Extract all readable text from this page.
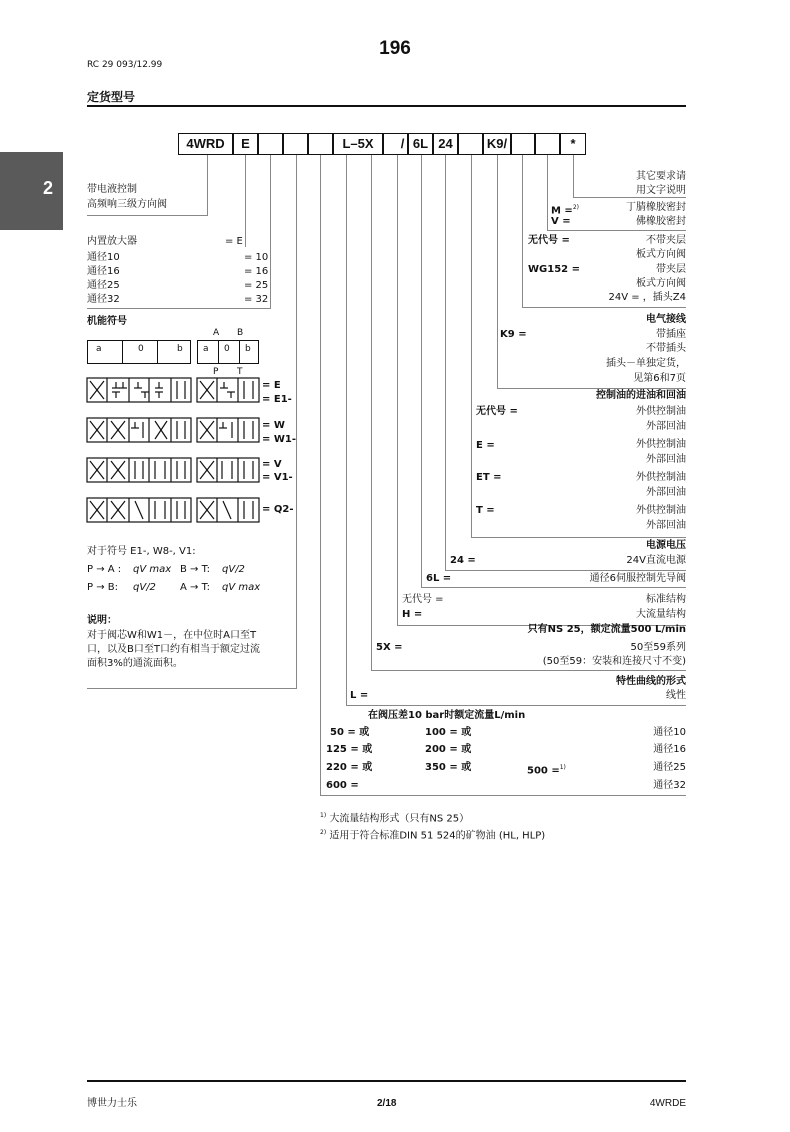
196
RC 29 093/12.99
定货型号
2
4WRD	E	L–5X	/ 6L 24	K9/	*
带电液控制
高频响三级方向阀
内置放大器	= E
通径10	= 10
通径16	= 16
通径25	= 25
通径32	= 32
机能符号
A B
P T
a	0	b a 0 b
= E
= E1-
= W
= W1-
= V
= V1-
= Q2-
对于符号 E1-, W8-, V1:
P → A : qV max B → T: qV/2
P → B: qV/2 A → T: qV max
说明：
对于阀芯W和W1－，在中位时A口至T
口，以及B口至T口约有相当于额定过流
面积3%的通流面积。
其它要求请
用文字说明
M =$^{2)}$	丁腈橡胶密封
V =	佛橡胶密封
无代号 =	不带夹层
板式方向阀
WG152 =	带夹层
板式方向阀
24V = ，插头Z4
电气接线
K9 =	带插座
不带插头
插头－单独定货，
见第6和7页
控制油的进油和回油
无代号 =	外供控制油
外部回油
E =	外供控制油
外部回油
ET =	外供控制油
外部回油
T =	外供控制油
外部回油
电源电压
24 =	24V直流电源
6L =	通径6伺服控制先导阀
无代号 =	标准结构
H =	大流量结构
只有NS 25，额定流量500 L/min
5X =	50至59系列
(50至59：安装和连接尺寸不变)
特性曲线的形式
L =	线性
在阀压差10 bar时额定流量L/min
50 = 或	100 = 或	通径10
125 = 或	200 = 或	通径16
220 = 或	350 = 或	500 =$^{1)}$	通径25
600 =	通径32
$^{1)}$ 大流量结构形式（只有NS 25）
$^{2)}$ 适用于符合标准DIN 51 524的矿物油 (HL, HLP)
博世力士乐	2/18	4WRDE
